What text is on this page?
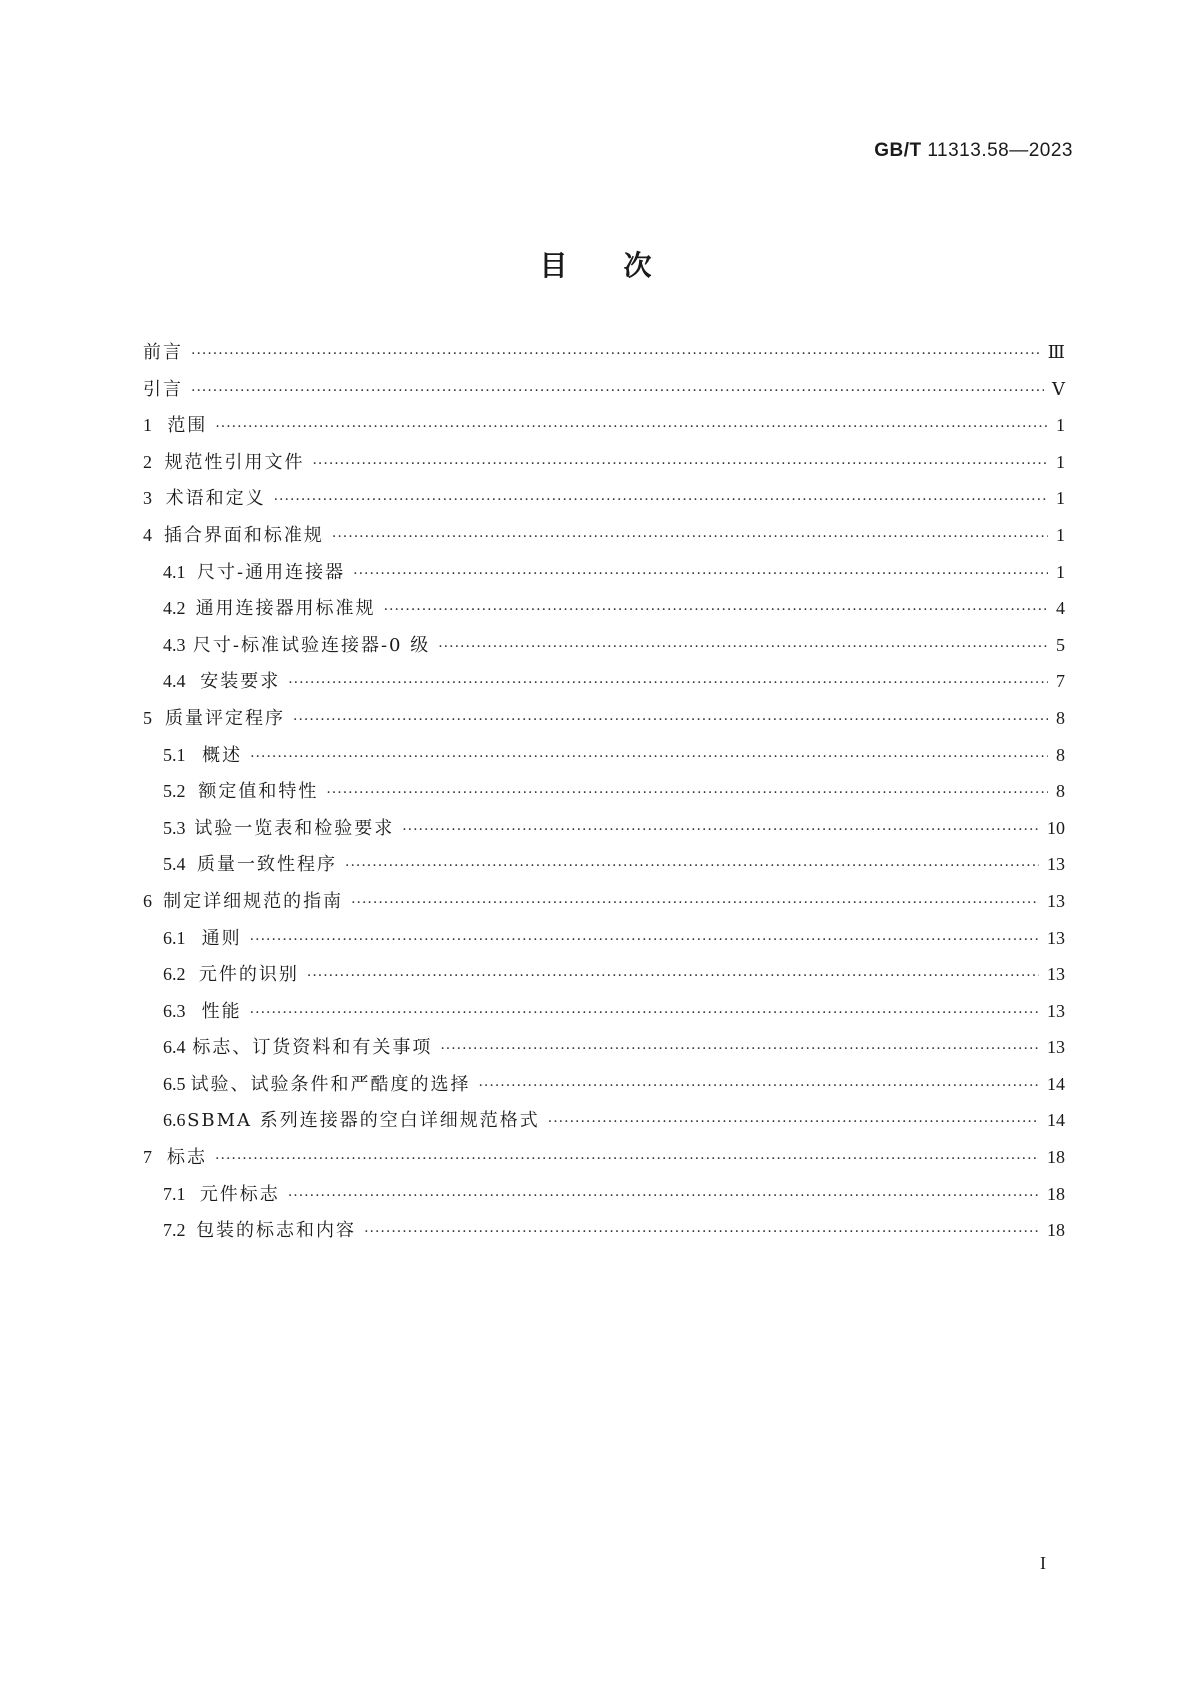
GB/T 11313.58—2023
目次
前言 ·····	Ⅲ
引言 ·····	Ⅴ
1 范围 ·····	1
2 规范性引用文件 ·····	1
3 术语和定义 ·····	1
4 插合界面和标准规 ·····	1
4.1 尺寸-通用连接器 ·····	1
4.2 通用连接器用标准规 ·····	4
4.3 尺寸-标准试验连接器-0 级 ·····	5
4.4 安装要求 ·····	7
5 质量评定程序 ·····	8
5.1 概述 ·····	8
5.2 额定值和特性 ·····	8
5.3 试验一览表和检验要求 ·····	10
5.4 质量一致性程序 ·····	13
6 制定详细规范的指南 ·····	13
6.1 通则 ·····	13
6.2 元件的识别 ·····	13
6.3 性能 ·····	13
6.4 标志、订货资料和有关事项 ·····	13
6.5 试验、试验条件和严酷度的选择 ·····	14
6.6 SBMA 系列连接器的空白详细规范格式 ·····	14
7 标志 ·····	18
7.1 元件标志 ·····	18
7.2 包装的标志和内容 ·····	18
I
